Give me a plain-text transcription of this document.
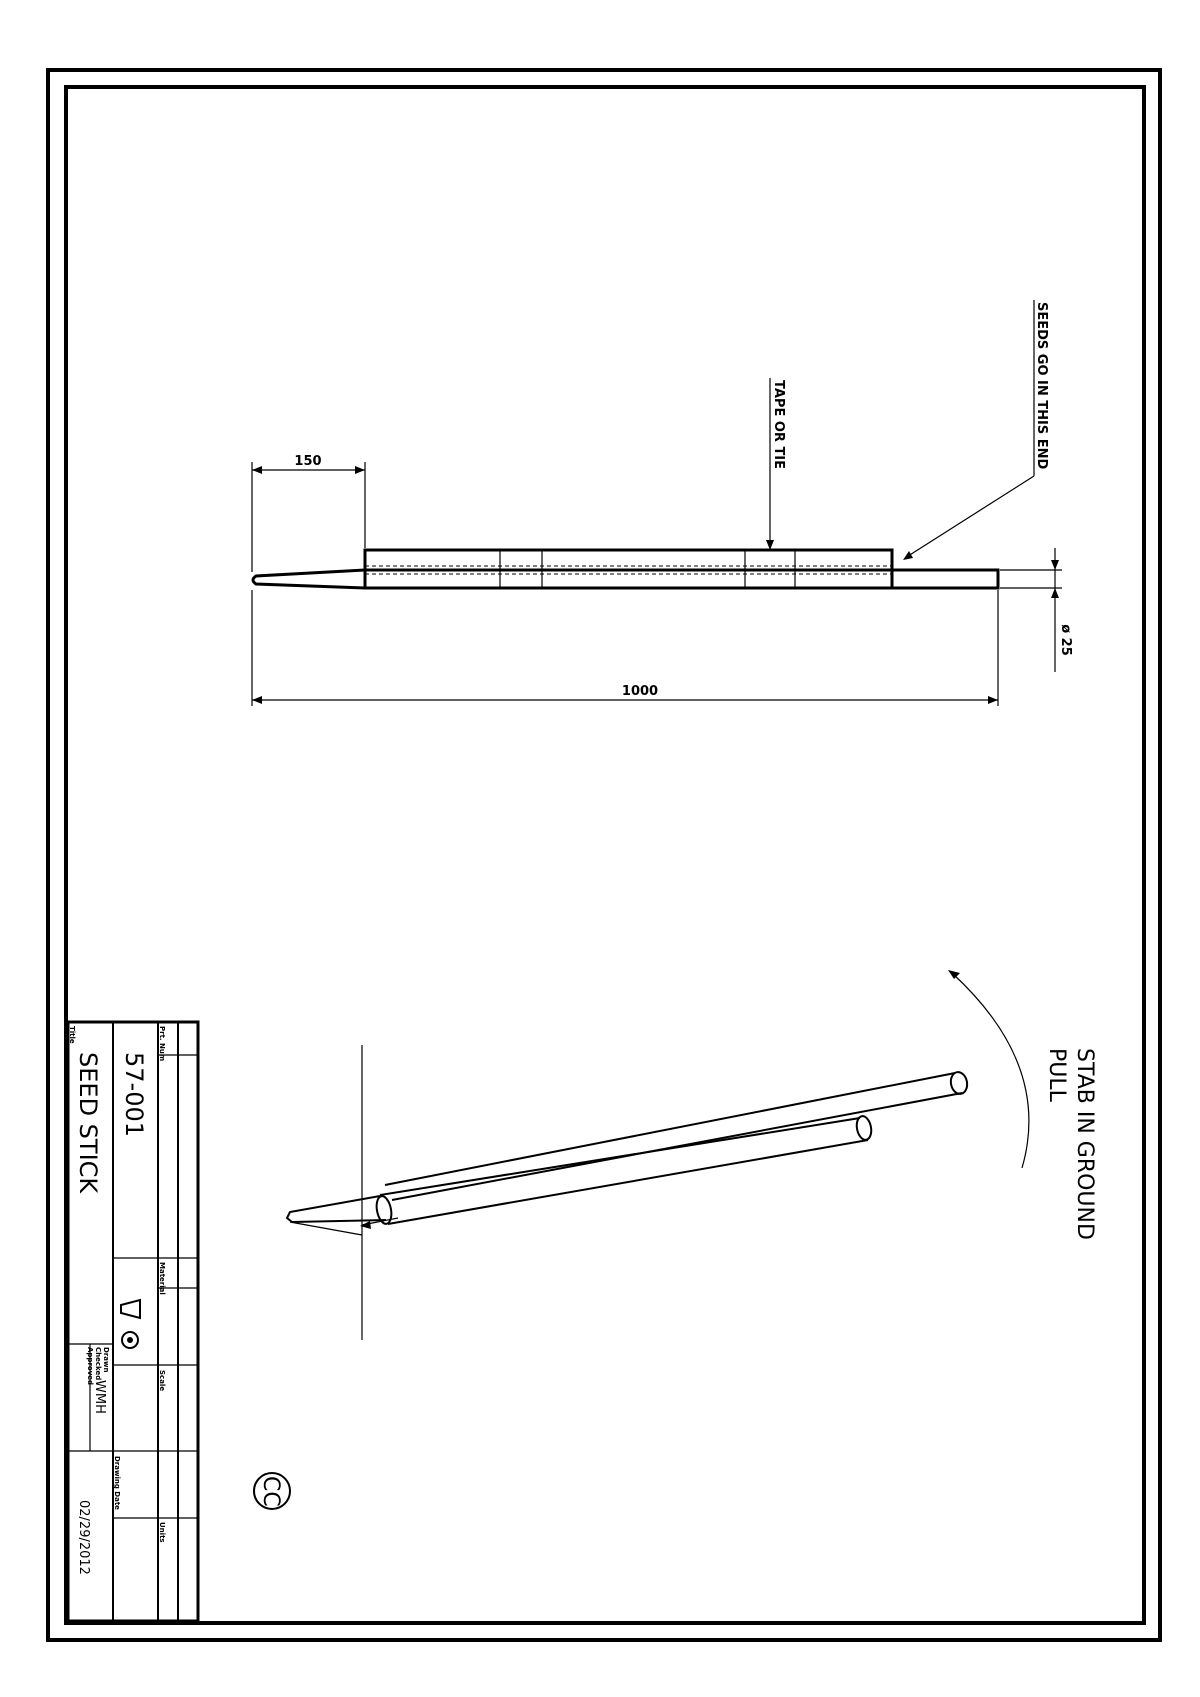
150
1000
ø 25
TAPE OR TIE	SEEDS GO IN THIS END
STAB IN GROUND
PULL
CC
Prt. Num
Title
Material
Scale
Units
Drawing Date
Drawn
Checked
Approved
57-001
SEED STICK
WMH
02/29/2012
